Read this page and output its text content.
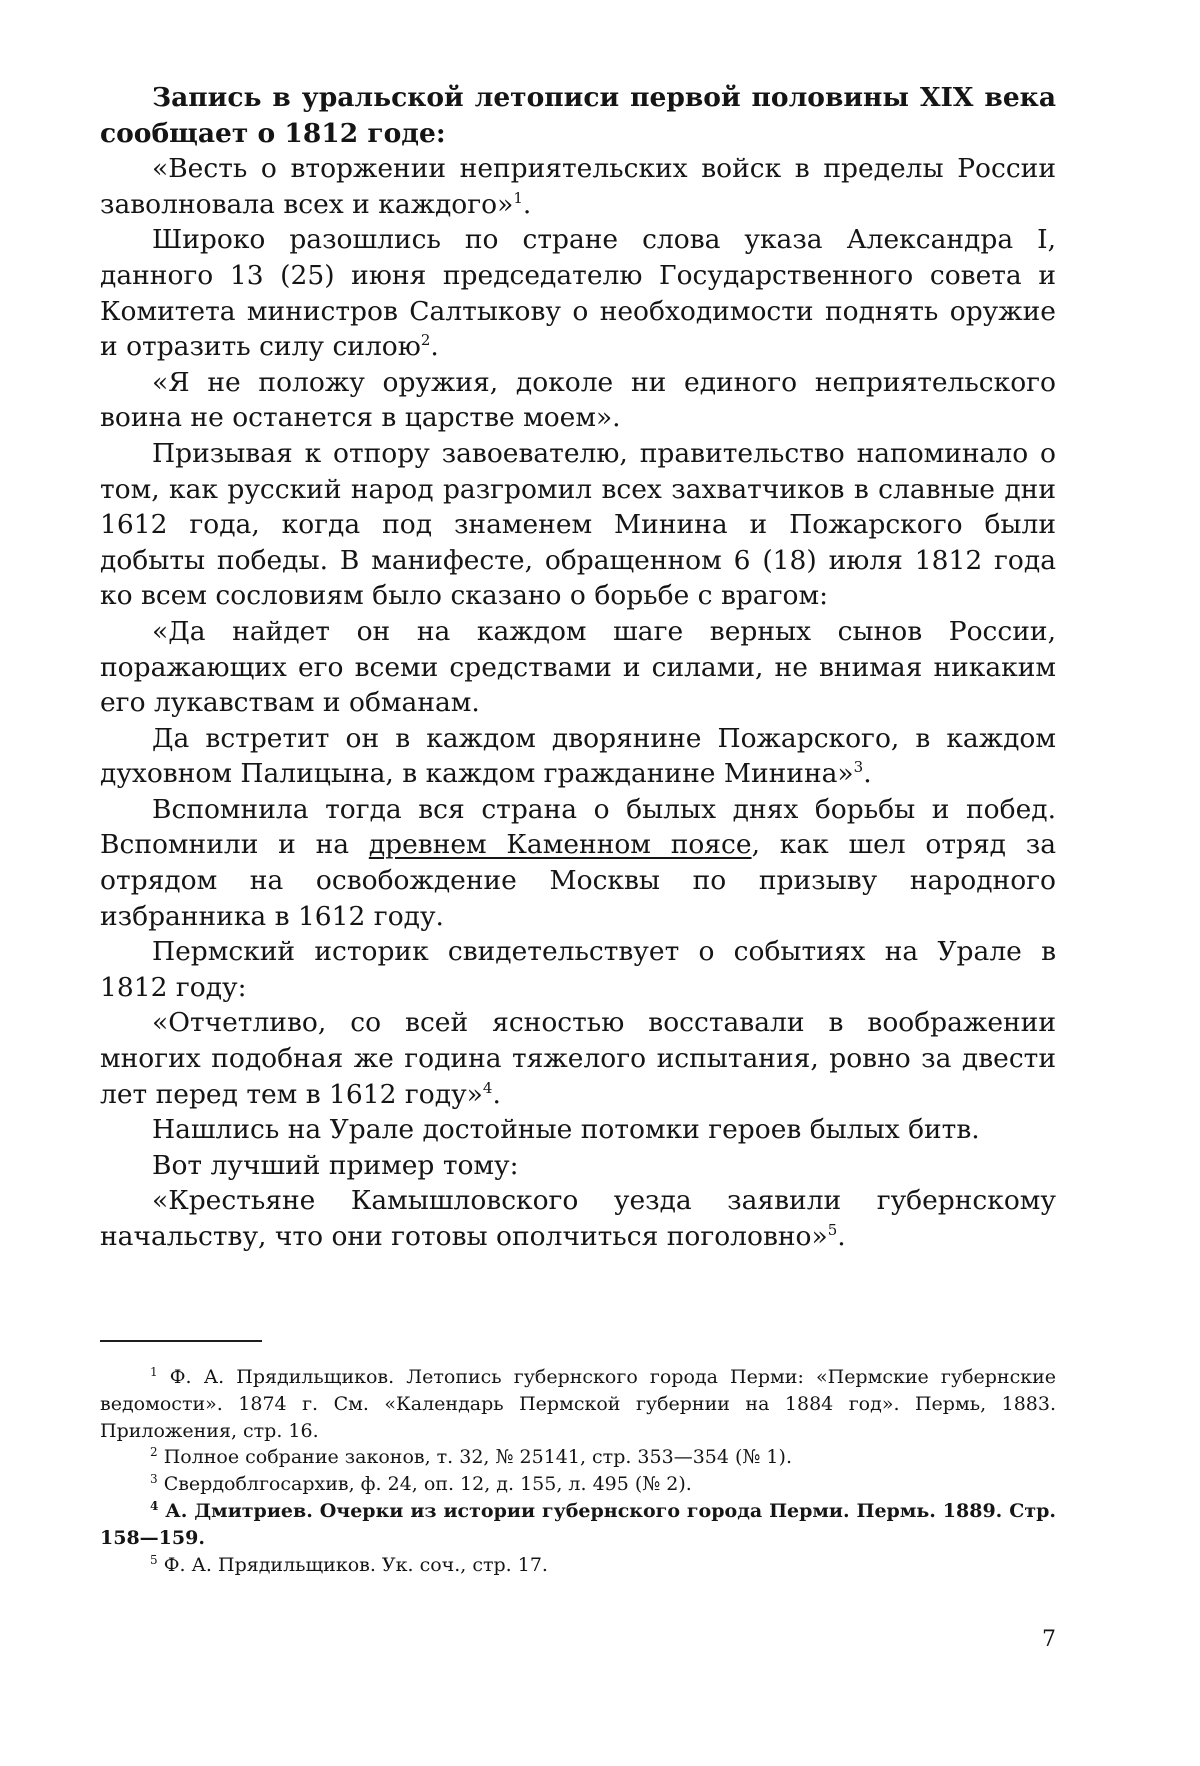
Запись в уральской летописи первой половины XIX века сообщает о 1812 годе:

«Весть о вторжении неприятельских войск в пределы России заволновала всех и каждого»$^1$.

Широко разошлись по стране слова указа Александра I, данного 13 (25) июня председателю Государственного совета и Комитета министров Салтыкову о необходимости поднять оружие и отразить силу силою$^2$.

«Я не положу оружия, доколе ни единого неприятельского воина не останется в царстве моем».

Призывая к отпору завоевателю, правительство напоминало о том, как русский народ разгромил всех захватчиков в славные дни 1612 года, когда под знаменем Минина и Пожарского были добыты победы. В манифесте, обращенном 6 (18) июля 1812 года ко всем сословиям было сказано о борьбе с врагом:

«Да найдет он на каждом шаге верных сынов России, поражающих его всеми средствами и силами, не внимая никаким его лукавствам и обманам.

Да встретит он в каждом дворянине Пожарского, в каждом духовном Палицына, в каждом гражданине Минина»$^3$.

Вспомнила тогда вся страна о былых днях борьбы и побед. Вспомнили и на древнем Каменном поясе, как шел отряд за отрядом на освобождение Москвы по призыву народного избранника в 1612 году.

Пермский историк свидетельствует о событиях на Урале в 1812 году:

«Отчетливо, со всей ясностью восставали в воображении многих подобная же година тяжелого испытания, ровно за двести лет перед тем в 1612 году»$^4$.

Нашлись на Урале достойные потомки героев былых битв.

Вот лучший пример тому:

«Крестьяне Камышловского уезда заявили губернскому начальству, что они готовы ополчиться поголовно»$^5$.

$^1$ Ф. А. Прядильщиков. Летопись губернского города Перми: «Пермские губернские ведомости». 1874 г. См. «Календарь Пермской губернии на 1884 год». Пермь, 1883. Приложения, стр. 16.

$^2$ Полное собрание законов, т. 32, № 25141, стр. 353—354 (№ 1).

$^3$ Свердоблгосархив, ф. 24, оп. 12, д. 155, л. 495 (№ 2).

$^4$ А. Дмитриев. Очерки из истории губернского города Перми. Пермь. 1889. Стр. 158—159.

$^5$ Ф. А. Прядильщиков. Ук. соч., стр. 17.

7
